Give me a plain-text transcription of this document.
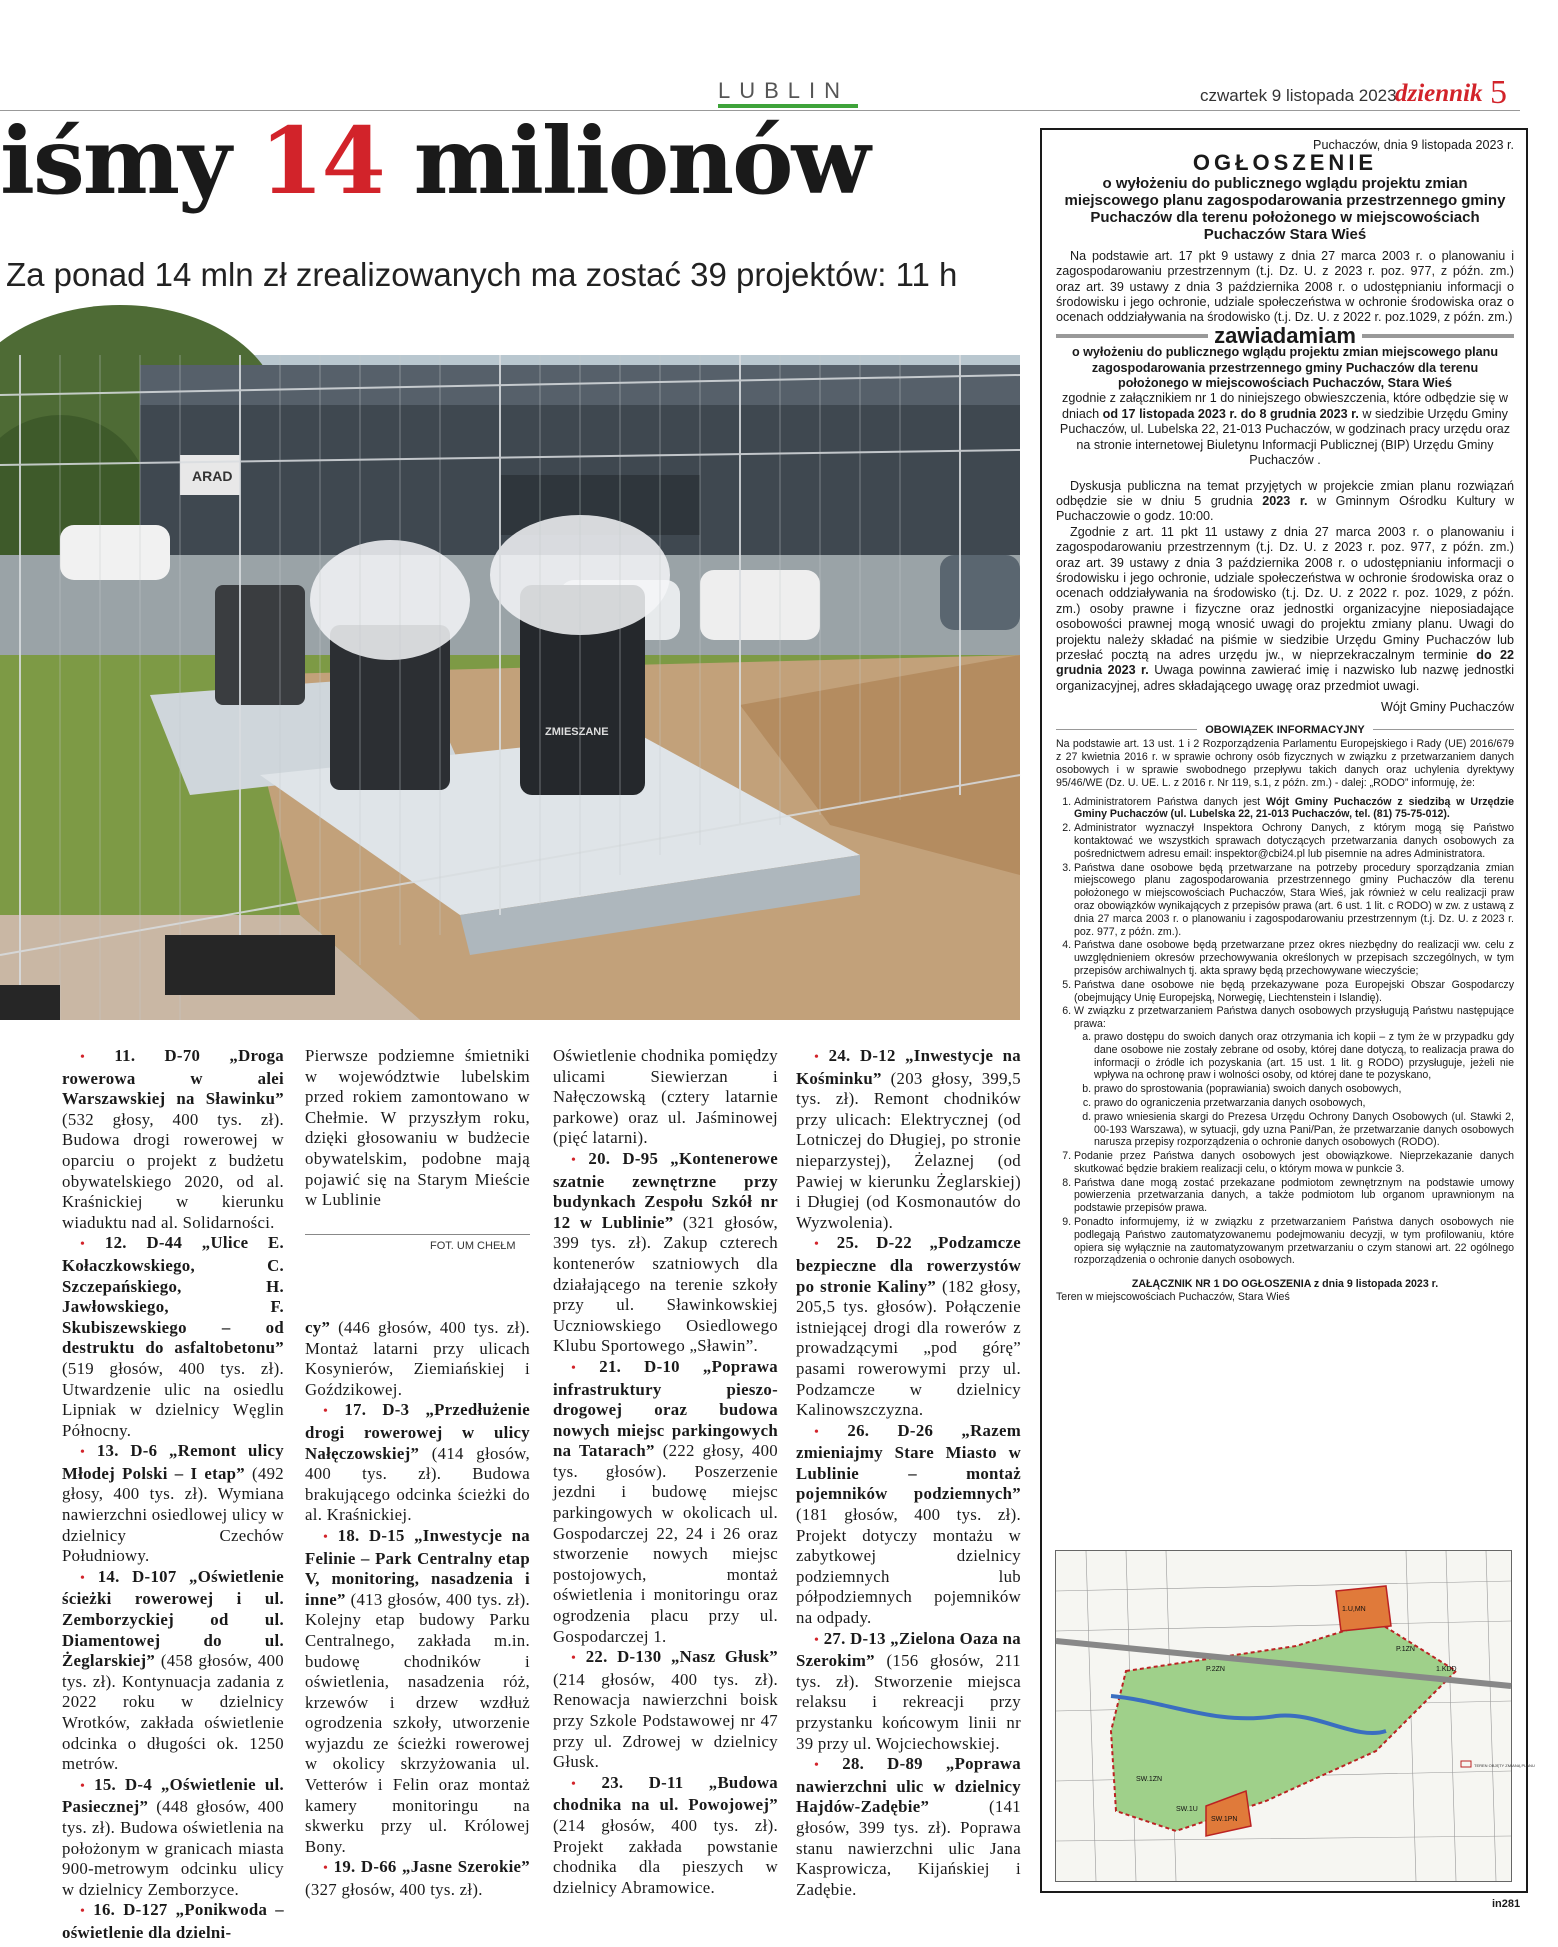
LUBLIN	czwartek 9 listopada 2023
dziennik 5
iśmy 14 milionów
Za ponad 14 mln zł zrealizowanych ma zostać 39 projektów: 11 h
ARAD
ZMIESZANE

• 11. D-70 „Droga rowerowa w alei Warszawskiej na Sławinku” (532 głosy, 400 tys. zł). Budowa drogi rowerowej w oparciu o projekt z budżetu obywatelskiego 2020, od al. Kraśnickiej w kierunku wiaduktu nad al. Solidarności.

• 12. D-44 „Ulice E. Kołaczkowskiego, C. Szczepańskiego, H. Jawłowskiego, F. Skubiszewskiego – od destruktu do asfaltobetonu” (519 głosów, 400 tys. zł). Utwardzenie ulic na osiedlu Lipniak w dzielnicy Węglin Północny.

• 13. D-6 „Remont ulicy Młodej Polski – I etap” (492 głosy, 400 tys. zł). Wymiana nawierzchni osiedlowej ulicy w dzielnicy Czechów Południowy.

• 14. D-107 „Oświetlenie ścieżki rowerowej i ul. Zemborzyckiej od ul. Diamentowej do ul. Żeglarskiej” (458 głosów, 400 tys. zł). Kontynuacja zadania z 2022 roku w dzielnicy Wrotków, zakłada oświetlenie odcinka o długości ok. 1250 metrów.

• 15. D-4 „Oświetlenie ul. Pasiecznej” (448 głosów, 400 tys. zł). Budowa oświetlenia na położonym w granicach miasta 900-metrowym odcinku ulicy w dzielnicy Zemborzyce.

• 16. D-127 „Ponikwoda – oświetlenie dla dzielni-

Pierwsze podziemne śmietniki w województwie lubelskim przed rokiem zamontowano w Chełmie. W przyszłym roku, dzięki głosowaniu w budżecie obywatelskim, podobne mają pojawić się na Starym Mieście w Lublinie

FOT. UM CHEŁM

cy” (446 głosów, 400 tys. zł). Montaż latarni przy ulicach Kosynierów, Ziemiańskiej i Goździkowej.

• 17. D-3 „Przedłużenie drogi rowerowej w ulicy Nałęczowskiej” (414 głosów, 400 tys. zł). Budowa brakującego odcinka ścieżki do al. Kraśnickiej.

• 18. D-15 „Inwestycje na Felinie – Park Centralny etap V, monitoring, nasadzenia i inne” (413 głosów, 400 tys. zł). Kolejny etap budowy Parku Centralnego, zakłada m.in. budowę chodników i oświetlenia, nasadzenia róż, krzewów i drzew wzdłuż ogrodzenia szkoły, utworzenie wyjazdu ze ścieżki rowerowej w okolicy skrzyżowania ul. Vetterów i Felin oraz montaż kamery monitoringu na skwerku przy ul. Królowej Bony.

• 19. D-66 „Jasne Szerokie” (327 głosów, 400 tys. zł).

Oświetlenie chodnika pomiędzy ulicami Siewierzan i Nałęczowską (cztery latarnie parkowe) oraz ul. Jaśminowej (pięć latarni).

• 20. D-95 „Kontenerowe szatnie zewnętrzne przy budynkach Zespołu Szkół nr 12 w Lublinie” (321 głosów, 399 tys. zł). Zakup czterech kontenerów szatniowych dla działającego na terenie szkoły przy ul. Sławinkowskiej Uczniowskiego Osiedlowego Klubu Sportowego „Sławin”.

• 21. D-10 „Poprawa infrastruktury pieszo-drogowej oraz budowa nowych miejsc parkingowych na Tatarach” (222 głosy, 400 tys. głosów). Poszerzenie jezdni i budowę miejsc parkingowych w okolicach ul. Gospodarczej 22, 24 i 26 oraz stworzenie nowych miejsc postojowych, montaż oświetlenia i monitoringu oraz ogrodzenia placu przy ul. Gospodarczej 1.

• 22. D-130 „Nasz Głusk” (214 głosów, 400 tys. zł). Renowacja nawierzchni boisk przy Szkole Podstawowej nr 47 przy ul. Zdrowej w dzielnicy Głusk.

• 23. D-11 „Budowa chodnika na ul. Powojowej” (214 głosów, 400 tys. zł). Projekt zakłada powstanie chodnika dla pieszych w dzielnicy Abramowice.

• 24. D-12 „Inwestycje na Kośminku” (203 głosy, 399,5 tys. zł). Remont chodników przy ulicach: Elektrycznej (od Lotniczej do Długiej, po stronie nieparzystej), Żelaznej (od Pawiej w kierunku Żeglarskiej) i Długiej (od Kosmonautów do Wyzwolenia).

• 25. D-22 „Podzamcze bezpieczne dla rowerzystów po stronie Kaliny” (182 głosy, 205,5 tys. głosów). Połączenie istniejącej drogi dla rowerów z prowadzącymi „pod górę” pasami rowerowymi przy ul. Podzamcze w dzielnicy Kalinowszczyzna.

• 26. D-26 „Razem zmieniajmy Stare Miasto w Lublinie – montaż pojemników podziemnych” (181 głosów, 400 tys. zł). Projekt dotyczy montażu w zabytkowej dzielnicy podziemnych lub półpodziemnych pojemników na odpady.

• 27. D-13 „Zielona Oaza na Szerokim” (156 głosów, 211 tys. zł). Stworzenie miejsca relaksu i rekreacji przy przystanku końcowym linii nr 39 przy ul. Wojciechowskiej.

• 28. D-89 „Poprawa nawierzchni ulic w dzielnicy Hajdów-Zadębie” (141 głosów, 399 tys. zł). Poprawa stanu nawierzchni ulic Jana Kasprowicza, Kijańskiej i Zadębie.

Puchaczów, dnia 9 listopada 2023 r.
OGŁOSZENIE
o wyłożeniu do publicznego wglądu projektu zmian miejscowego planu zagospodarowania przestrzennego gminy Puchaczów dla terenu położonego w miejscowościach Puchaczów Stara Wieś

Na podstawie art. 17 pkt 9 ustawy z dnia 27 marca 2003 r. o planowaniu i zagospodarowaniu przestrzennym (t.j. Dz. U. z 2023 r. poz. 977, z późn. zm.) oraz art. 39 ustawy z dnia 3 października 2008 r. o udostępnianiu informacji o środowisku i jego ochronie, udziale społeczeństwa w ochronie środowiska oraz o ocenach oddziaływania na środowisko (t.j. Dz. U. z 2022 r. poz.1029, z późn. zm.)

zawiadamiam
o wyłożeniu do publicznego wglądu projektu zmian miejscowego planu zagospodarowania przestrzennego gminy Puchaczów dla terenu położonego w miejscowościach Puchaczów, Stara Wieś
zgodnie z załącznikiem nr 1 do niniejszego obwieszczenia, które odbędzie się w dniach od 17 listopada 2023 r. do 8 grudnia 2023 r. w siedzibie Urzędu Gminy Puchaczów, ul. Lubelska 22, 21-013 Puchaczów, w godzinach pracy urzędu oraz na stronie internetowej Biuletynu Informacji Publicznej (BIP) Urzędu Gminy Puchaczów .

Dyskusja publiczna na temat przyjętych w projekcie zmian planu rozwiązań odbędzie sie w dniu 5 grudnia 2023 r. w Gminnym Ośrodku Kultury w Puchaczowie o godz. 10:00.

Zgodnie z art. 11 pkt 11 ustawy z dnia 27 marca 2003 r. o planowaniu i zagospodarowaniu przestrzennym (t.j. Dz. U. z 2023 r. poz. 977, z późn. zm.) oraz art. 39 ustawy z dnia 3 października 2008 r. o udostępnianiu informacji o środowisku i jego ochronie, udziale społeczeństwa w ochronie środowiska oraz o ocenach oddziaływania na środowisko (t.j. Dz. U. z 2022 r. poz. 1029, z późn. zm.) osoby prawne i fizyczne oraz jednostki organizacyjne nieposiadające osobowości prawnej mogą wnosić uwagi do projektu zmiany planu. Uwagi do projektu należy składać na piśmie w siedzibie Urzędu Gminy Puchaczów lub przesłać pocztą na adres urzędu jw., w nieprzekraczalnym terminie do 22 grudnia 2023 r. Uwaga powinna zawierać imię i nazwisko lub nazwę jednostki organizacyjnej, adres składającego uwagę oraz przedmiot uwagi.

Wójt Gminy Puchaczów
OBOWIĄZEK INFORMACYJNY

Na podstawie art. 13 ust. 1 i 2 Rozporządzenia Parlamentu Europejskiego i Rady (UE) 2016/679 z 27 kwietnia 2016 r. w sprawie ochrony osób fizycznych w związku z przetwarzaniem danych osobowych i w sprawie swobodnego przepływu takich danych oraz uchylenia dyrektywy 95/46/WE (Dz. U. UE. L. z 2016 r. Nr 119, s.1, z późn. zm.) - dalej: „RODO” informuję, że:

1. Administratorem Państwa danych jest Wójt Gminy Puchaczów z siedzibą w Urzędzie Gminy Puchaczów (ul. Lubelska 22, 21-013 Puchaczów, tel. (81) 75-75-012).
2. Administrator wyznaczył Inspektora Ochrony Danych, z którym mogą się Państwo kontaktować we wszystkich sprawach dotyczących przetwarzania danych osobowych za pośrednictwem adresu email: inspektor@cbi24.pl lub pisemnie na adres Administratora.
3. Państwa dane osobowe będą przetwarzane na potrzeby procedury sporządzania zmian miejscowego planu zagospodarowania przestrzennego gminy Puchaczów dla terenu położonego w miejscowościach Puchaczów, Stara Wieś, jak również w celu realizacji praw oraz obowiązków wynikających z przepisów prawa (art. 6 ust. 1 lit. c RODO) w zw. z ustawą z dnia 27 marca 2003 r. o planowaniu i zagospodarowaniu przestrzennym (t.j. Dz. U. z 2023 r. poz. 977, z późn. zm.).
4. Państwa dane osobowe będą przetwarzane przez okres niezbędny do realizacji ww. celu z uwzględnieniem okresów przechowywania określonych w przepisach szczególnych, w tym przepisów archiwalnych tj. akta sprawy będą przechowywane wieczyście;
5. Państwa dane osobowe nie będą przekazywane poza Europejski Obszar Gospodarczy (obejmujący Unię Europejską, Norwegię, Liechtenstein i Islandię).
6. W związku z przetwarzaniem Państwa danych osobowych przysługują Państwu następujące prawa:
a. prawo dostępu do swoich danych oraz otrzymania ich kopii – z tym że w przypadku gdy dane osobowe nie zostały zebrane od osoby, której dane dotyczą, to realizacja prawa do informacji o źródle ich pozyskania (art. 15 ust. 1 lit. g RODO) przysługuje, jeżeli nie wpływa na ochronę praw i wolności osoby, od której dane te pozyskano,
b. prawo do sprostowania (poprawiania) swoich danych osobowych,
c. prawo do ograniczenia przetwarzania danych osobowych,
d. prawo wniesienia skargi do Prezesa Urzędu Ochrony Danych Osobowych (ul. Stawki 2, 00-193 Warszawa), w sytuacji, gdy uzna Pani/Pan, że przetwarzanie danych osobowych narusza przepisy rozporządzenia o ochronie danych osobowych (RODO).
7. Podanie przez Państwa danych osobowych jest obowiązkowe. Nieprzekazanie danych skutkować będzie brakiem realizacji celu, o którym mowa w punkcie 3.
8. Państwa dane mogą zostać przekazane podmiotom zewnętrznym na podstawie umowy powierzenia przetwarzania danych, a także podmiotom lub organom uprawnionym na podstawie przepisów prawa.
9. Ponadto informujemy, iż w związku z przetwarzaniem Państwa danych osobowych nie podlegają Państwo zautomatyzowanemu podejmowaniu decyzji, w tym profilowaniu, które opiera się wyłącznie na zautomatyzowanym przetwarzaniu o czym stanowi art. 22 ogólnego rozporządzenia o ochronie danych osobowych.
ZAŁĄCZNIK NR 1 DO OGŁOSZENIA z dnia 9 listopada 2023 r.
Teren w miejscowościach Puchaczów, Stara Wieś
1.U,MN
P.1ZN
P.2ZN	1.KDD
SW.1ZN
SW.1U
SW.1PN
TEREN OBJĘTY ZMIANĄ PLANU
in281
